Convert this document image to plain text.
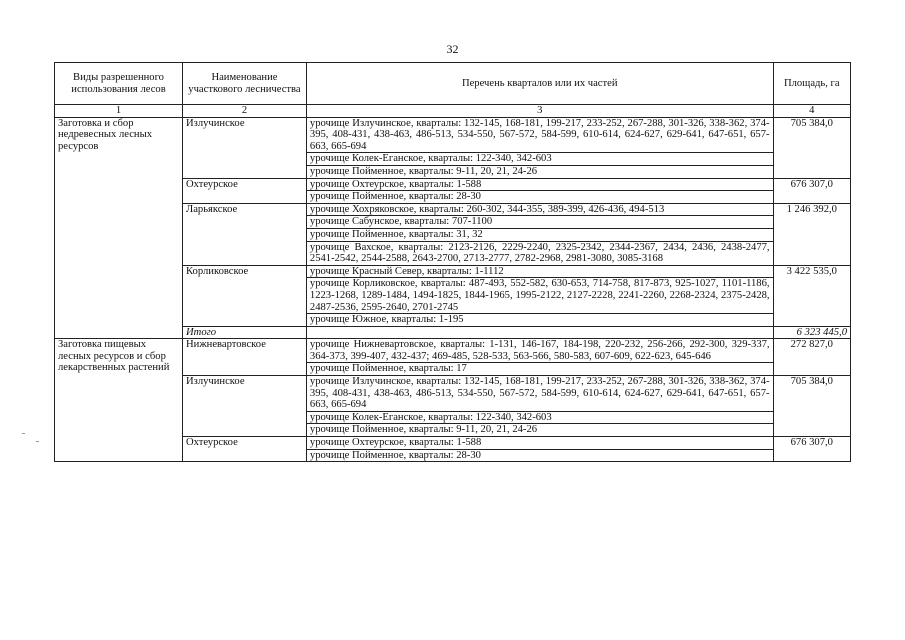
32
Виды разрешенного использования лесов	Наименование участкового лесничества	Перечень кварталов или их частей	Площадь, га
1	2	3	4
Заготовка и сбор недревесных лесных ресурсов	Излучинское	урочище Излучинское, кварталы: 132-145, 168-181, 199-217, 233-252, 267-288, 301-326, 338-362, 374-395, 408-431, 438-463, 486-513, 534-550, 567-572, 584-599, 610-614, 624-627, 629-641, 647-651, 657-663, 665-694	705 384,0
		урочище Колек-Еганское, кварталы: 122-340, 342-603	
		урочище Пойменное, кварталы: 9-11, 20, 21, 24-26	
	Охтеурское	урочище Охтеурское, кварталы: 1-588	676 307,0
		урочище Пойменное, кварталы: 28-30	
	Ларьякское	урочище Хохряковское, кварталы: 260-302, 344-355, 389-399, 426-436, 494-513	1 246 392,0
		урочище Сабунское, кварталы: 707-1100	
		урочище Пойменное, кварталы: 31, 32	
		урочище Вахское, кварталы: 2123-2126, 2229-2240, 2325-2342, 2344-2367, 2434, 2436, 2438-2477, 2541-2542, 2544-2588, 2643-2700, 2713-2777, 2782-2968, 2981-3080, 3085-3168	
	Корликовское	урочище Красный Север, кварталы: 1-1112	3 422 535,0
		урочище Корликовское, кварталы: 487-493, 552-582, 630-653, 714-758, 817-873, 925-1027, 1101-1186, 1223-1268, 1289-1484, 1494-1825, 1844-1965, 1995-2122, 2127-2228, 2241-2260, 2268-2324, 2375-2428, 2487-2536, 2595-2640, 2701-2745	
		урочище Южное, кварталы: 1-195	
	Итого		6 323 445,0
Заготовка пищевых лесных ресурсов и сбор лекарственных растений	Нижневартовское	урочище Нижневартовское, кварталы: 1-131, 146-167, 184-198, 220-232, 256-266, 292-300, 329-337, 364-373, 399-407, 432-437; 469-485, 528-533, 563-566, 580-583, 607-609, 622-623, 645-646	272 827,0
		урочище Пойменное, кварталы: 17	
	Излучинское	урочище Излучинское, кварталы: 132-145, 168-181, 199-217, 233-252, 267-288, 301-326, 338-362, 374-395, 408-431, 438-463, 486-513, 534-550, 567-572, 584-599, 610-614, 624-627, 629-641, 647-651, 657-663, 665-694	705 384,0
		урочище Колек-Еганское, кварталы: 122-340, 342-603	
		урочище Пойменное, кварталы: 9-11, 20, 21, 24-26	
	Охтеурское	урочище Охтеурское, кварталы: 1-588	676 307,0
		урочище Пойменное, кварталы: 28-30	
